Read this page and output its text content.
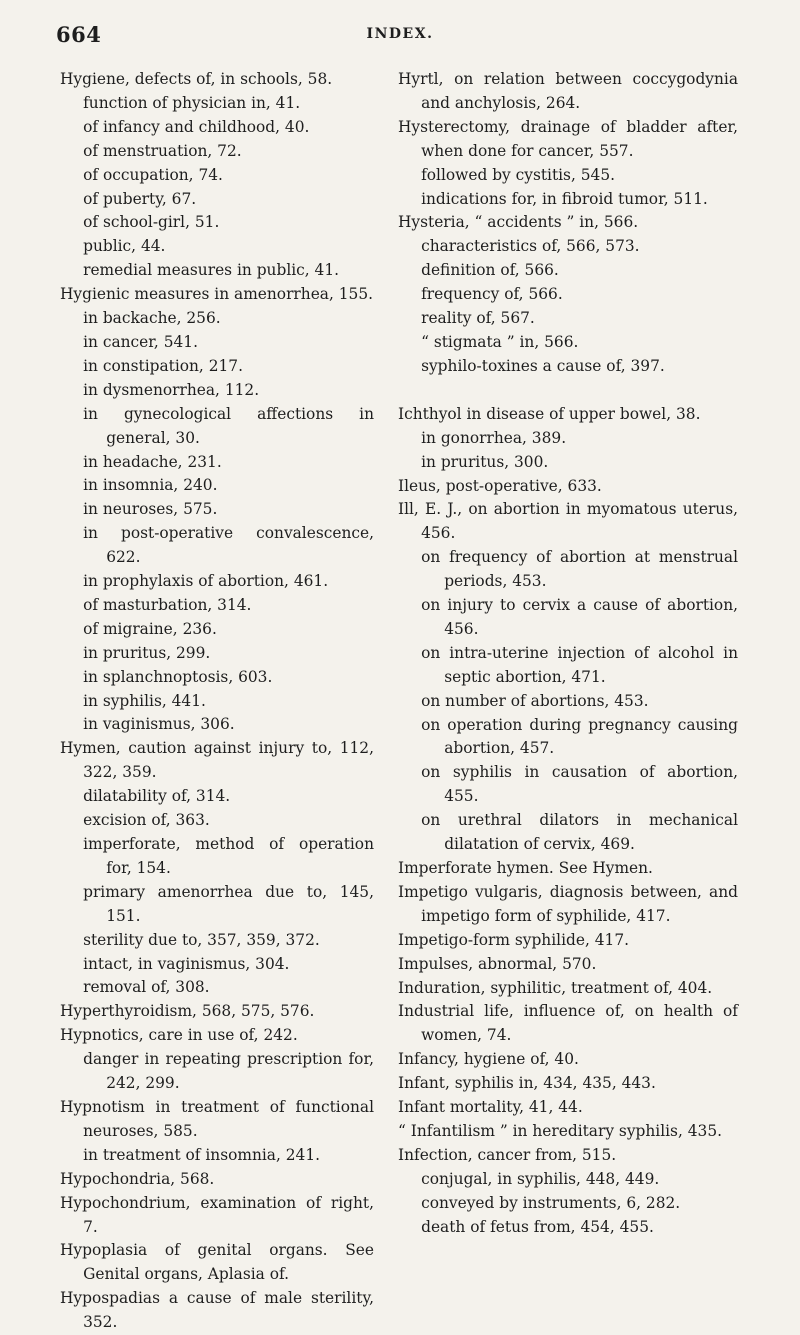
664	INDEX.
Hygiene, defects of, in schools, 58.
function of physician in, 41.
of infancy and childhood, 40.
of menstruation, 72.
of occupation, 74.
of puberty, 67.
of school-girl, 51.
public, 44.
remedial measures in public, 41.
Hygienic measures in amenorrhea, 155.
in backache, 256.
in cancer, 541.
in constipation, 217.
in dysmenorrhea, 112.
in gynecological affections in general, 30.
in headache, 231.
in insomnia, 240.
in neuroses, 575.
in post-operative convalescence, 622.
in prophylaxis of abortion, 461.
of masturbation, 314.
of migraine, 236.
in pruritus, 299.
in splanchnoptosis, 603.
in syphilis, 441.
in vaginismus, 306.
Hymen, caution against injury to, 112, 322, 359.
dilatability of, 314.
excision of, 363.
imperforate, method of operation for, 154.
primary amenorrhea due to, 145, 151.
sterility due to, 357, 359, 372.
intact, in vaginismus, 304.
removal of, 308.
Hyperthyroidism, 568, 575, 576.
Hypnotics, care in use of, 242.
danger in repeating prescription for, 242, 299.
Hypnotism in treatment of functional neuroses, 585.
in treatment of insomnia, 241.
Hypochondria, 568.
Hypochondrium, examination of right, 7.
Hypoplasia of genital organs. See Genital organs, Aplasia of.
Hypospadias a cause of male sterility, 352.
Hyrtl, on relation between coccygodynia and anchylosis, 264.
Hysterectomy, drainage of bladder after, when done for cancer, 557.
followed by cystitis, 545.
indications for, in fibroid tumor, 511.
Hysteria, “ accidents ” in, 566.
characteristics of, 566, 573.
definition of, 566.
frequency of, 566.
reality of, 567.
“ stigmata ” in, 566.
syphilo-toxines a cause of, 397.
Ichthyol in disease of upper bowel, 38.
in gonorrhea, 389.
in pruritus, 300.
Ileus, post-operative, 633.
Ill, E. J., on abortion in myomatous uterus, 456.
on frequency of abortion at menstrual periods, 453.
on injury to cervix a cause of abortion, 456.
on intra-uterine injection of alcohol in septic abortion, 471.
on number of abortions, 453.
on operation during pregnancy causing abortion, 457.
on syphilis in causation of abortion, 455.
on urethral dilators in mechanical dilatation of cervix, 469.
Imperforate hymen. See Hymen.
Impetigo vulgaris, diagnosis between, and impetigo form of syphilide, 417.
Impetigo-form syphilide, 417.
Impulses, abnormal, 570.
Induration, syphilitic, treatment of, 404.
Industrial life, influence of, on health of women, 74.
Infancy, hygiene of, 40.
Infant, syphilis in, 434, 435, 443.
Infant mortality, 41, 44.
“ Infantilism ” in hereditary syphilis, 435.
Infection, cancer from, 515.
conjugal, in syphilis, 448, 449.
conveyed by instruments, 6, 282.
death of fetus from, 454, 455.
